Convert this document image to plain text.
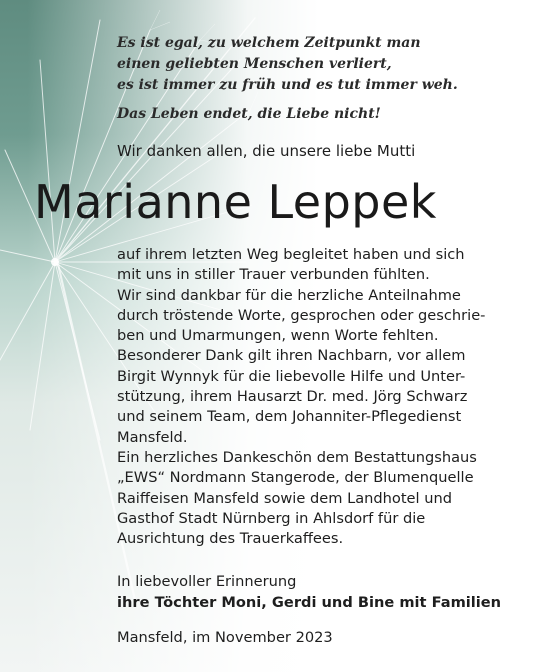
Es ist egal, zu welchem Zeitpunkt man
einen geliebten Menschen verliert,
es ist immer zu früh und es tut immer weh.
Das Leben endet, die Liebe nicht!
Wir danken allen, die unsere liebe Mutti
Marianne Leppek
auf ihrem letzten Weg begleitet haben und sich
mit uns in stiller Trauer verbunden fühlten.
Wir sind dankbar für die herzliche Anteilnahme
durch tröstende Worte, gesprochen oder geschrie-
ben und Umarmungen, wenn Worte fehlten.
Besonderer Dank gilt ihren Nachbarn, vor allem
Birgit Wynnyk für die liebevolle Hilfe und Unter-
stützung, ihrem Hausarzt Dr. med. Jörg Schwarz
und seinem Team, dem Johanniter-Pflegedienst
Mansfeld.
Ein herzliches Dankeschön dem Bestattungshaus
„EWS“ Nordmann Stangerode, der Blumenquelle
Raiffeisen Mansfeld sowie dem Landhotel und
Gasthof Stadt Nürnberg in Ahlsdorf für die
Ausrichtung des Trauerkaffees.
In liebevoller Erinnerung
ihre Töchter Moni, Gerdi und Bine mit Familien
Mansfeld, im November 2023
